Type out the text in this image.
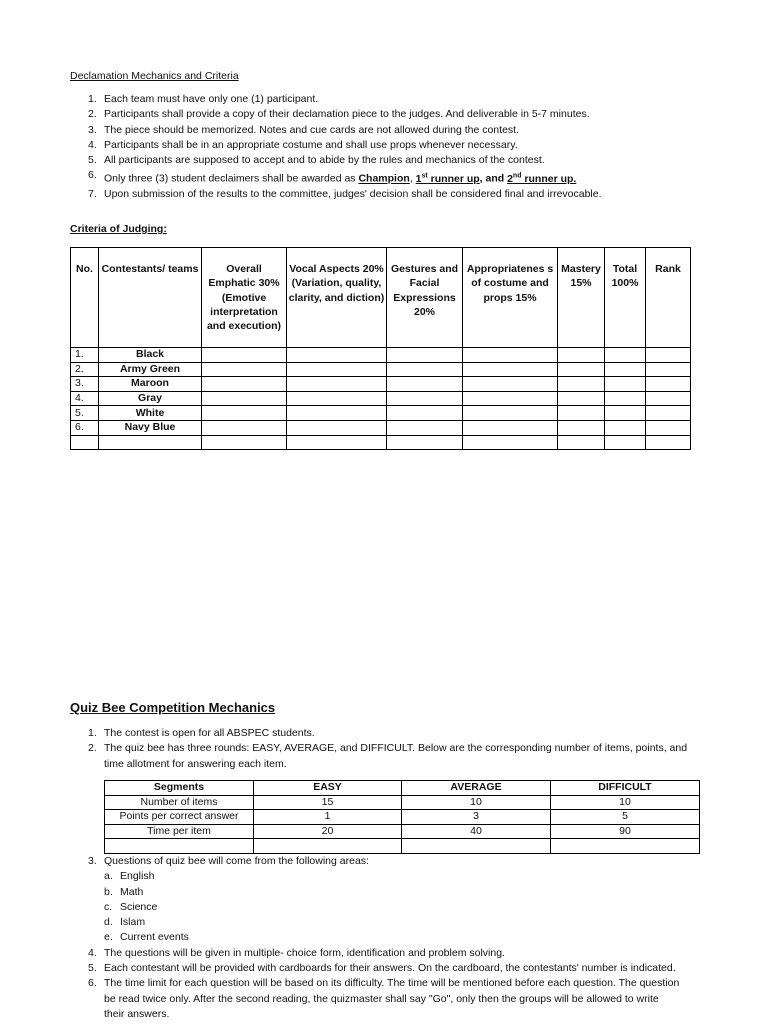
Declamation Mechanics and Criteria
1. Each team must have only one (1) participant.
2. Participants shall provide a copy of their declamation piece to the judges. And deliverable in 5-7 minutes.
3. The piece should be memorized. Notes and cue cards are not allowed during the contest.
4. Participants shall be in an appropriate costume and shall use props whenever necessary.
5. All participants are supposed to accept and to abide by the rules and mechanics of the contest.
6. Only three (3) student declaimers shall be awarded as Champion, 1st runner up, and 2nd runner up.
7. Upon submission of the results to the committee, judges' decision shall be considered final and irrevocable.
Criteria of Judging:
No.	Contestants/ teams	Overall Emphatic 30% (Emotive interpretation and execution)	Vocal Aspects 20% (Variation, quality, clarity, and diction)	Gestures and Facial Expressions 20%	Appropriatenes s of costume and props 15%	Mastery 15%	Total 100%	Rank
1.	Black							
2.	Army Green							
3.	Maroon							
4.	Gray							
5.	White							
6.	Navy Blue							

Quiz Bee Competition Mechanics
1. The contest is open for all ABSPEC students.
2. The quiz bee has three rounds: EASY, AVERAGE, and DIFFICULT. Below are the corresponding number of items, points, and
time allotment for answering each item.
Segments	EASY	AVERAGE	DIFFICULT
Number of items	15	10	10
Points per correct answer	1	3	5
Time per item	20	40	90

3. Questions of quiz bee will come from the following areas:
a. English
b. Math
c. Science
d. Islam
e. Current events
4. The questions will be given in multiple- choice form, identification and problem solving.
5. Each contestant will be provided with cardboards for their answers. On the cardboard, the contestants' number is indicated.
6. The time limit for each question will be based on its difficulty. The time will be mentioned before each question. The question
be read twice only. After the second reading, the quizmaster shall say "Go", only then the groups will be allowed to write
their answers.
